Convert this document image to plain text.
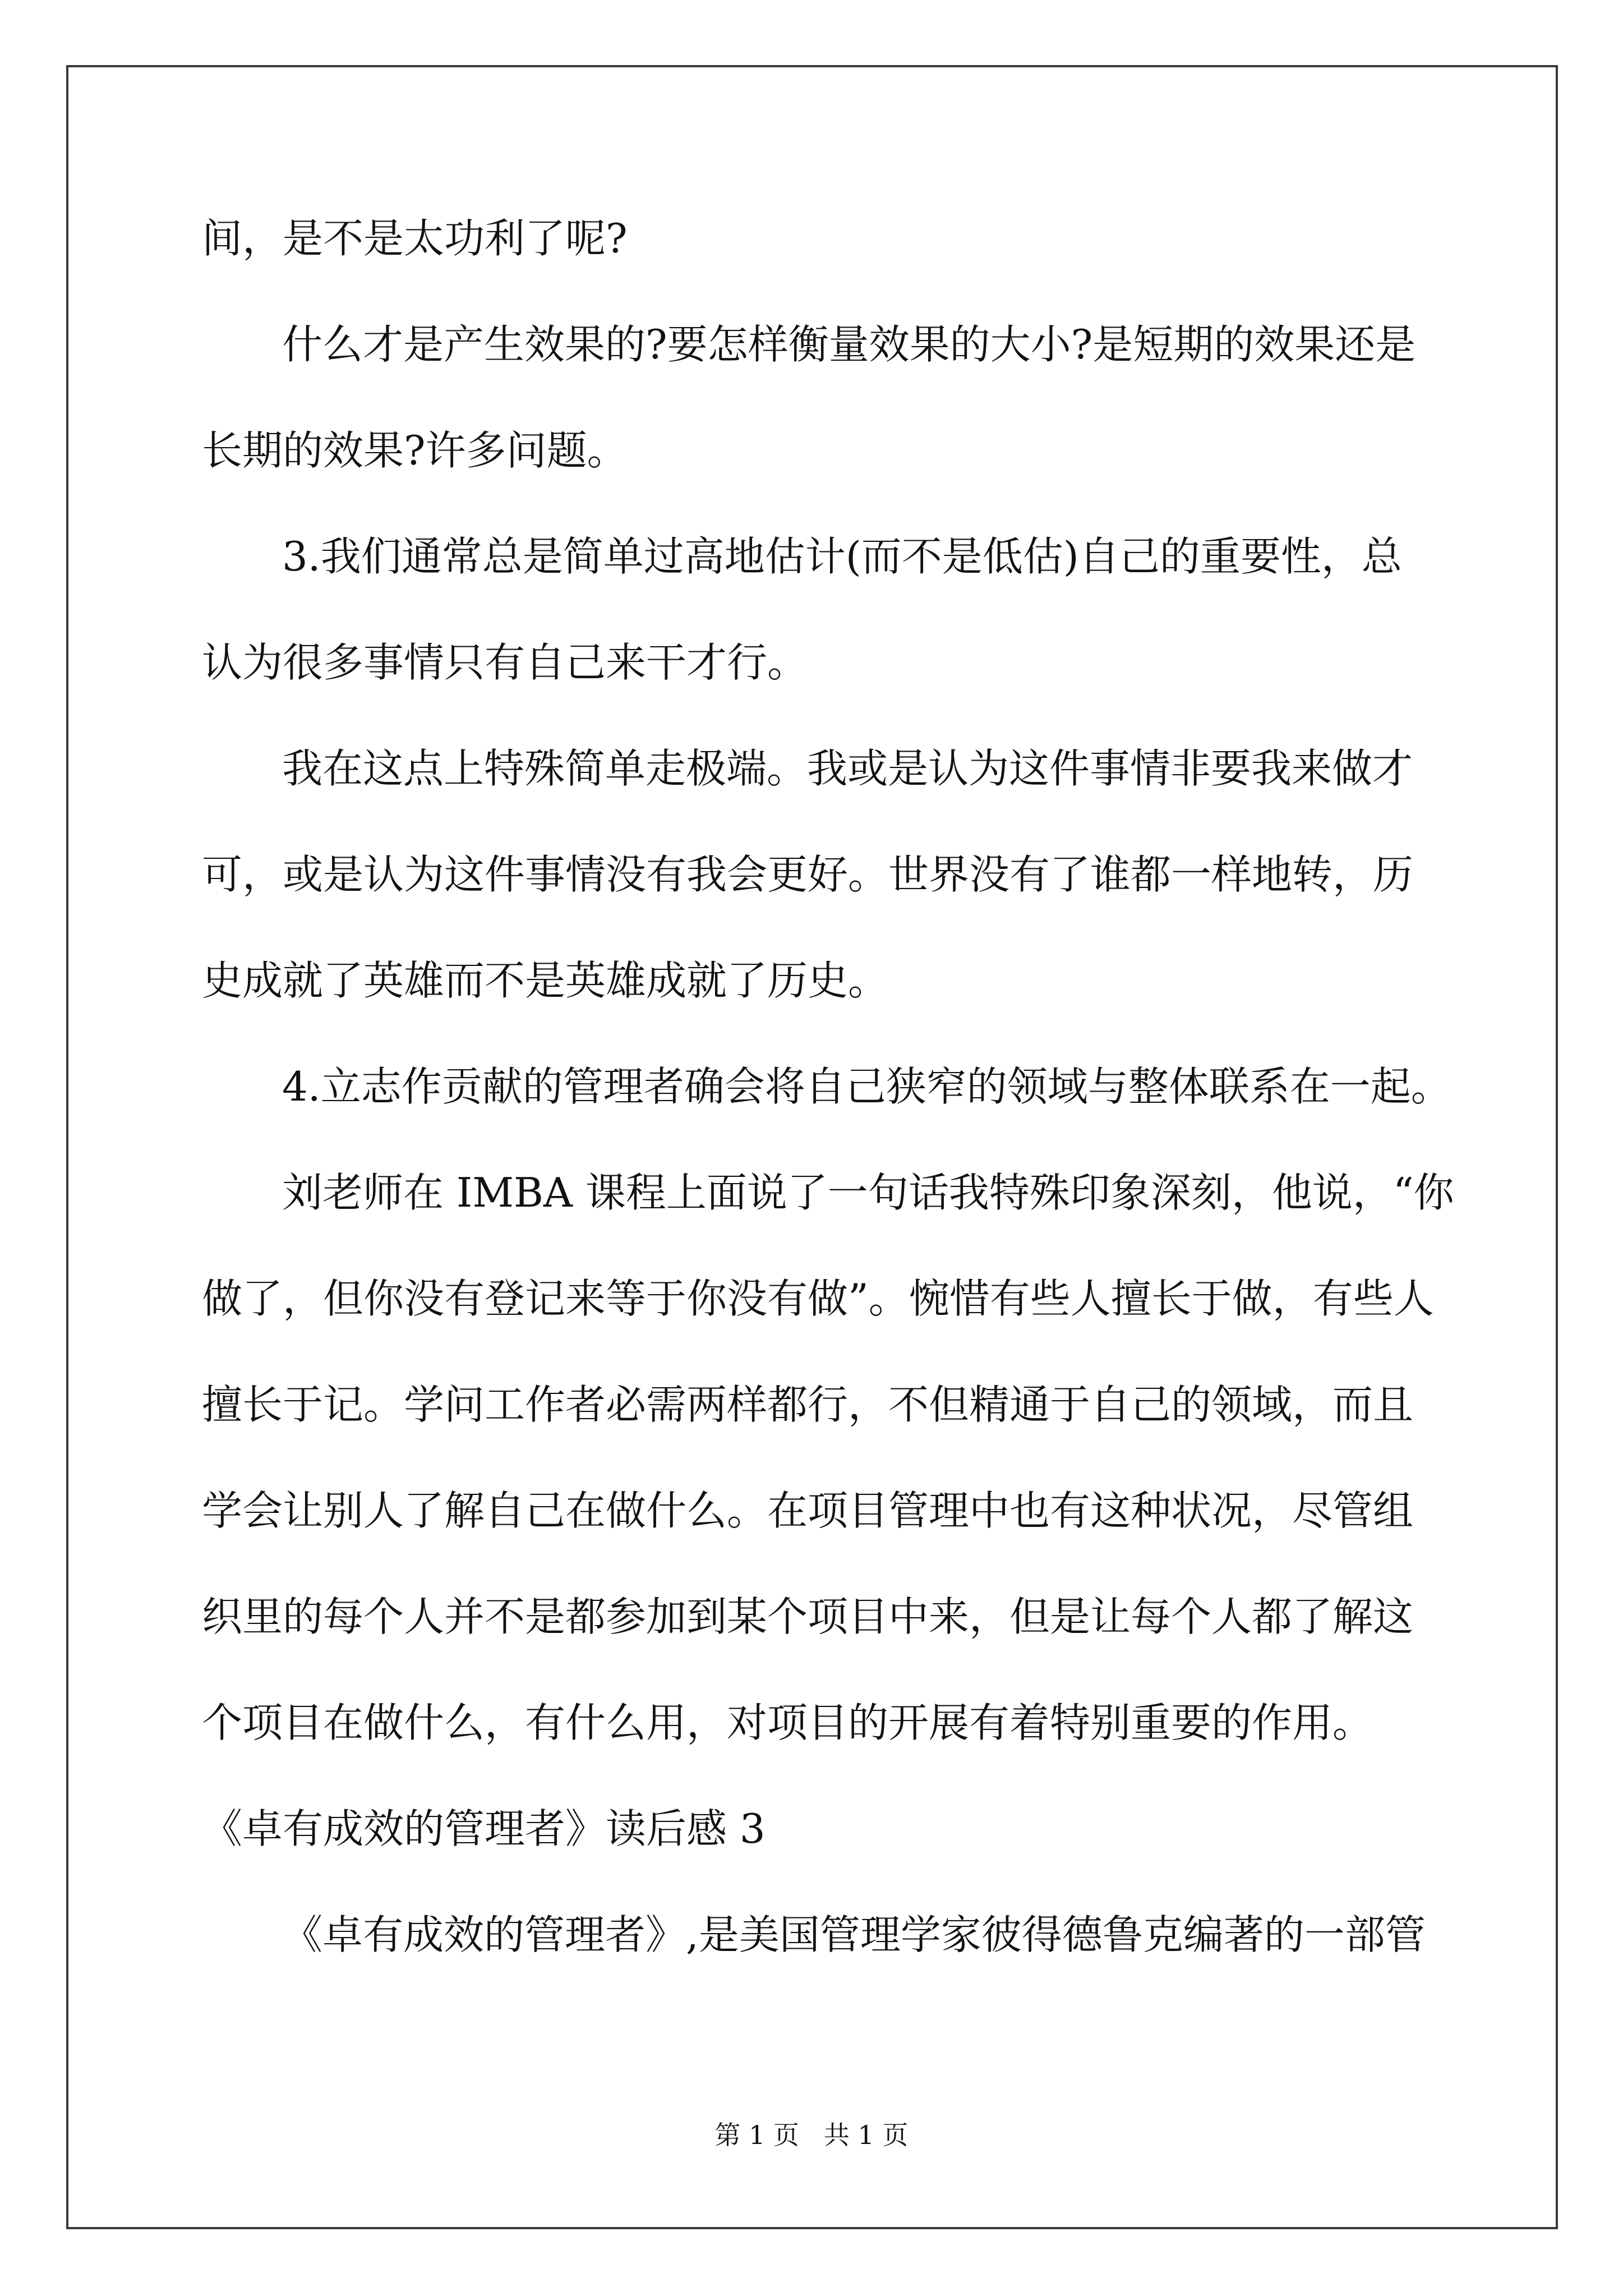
间，是不是太功利了呢?
什么才是产生效果的?要怎样衡量效果的大小?是短期的效果还是
长期的效果?许多问题。
3.我们通常总是简单过高地估计(而不是低估)自己的重要性，总
认为很多事情只有自己来干才行。
我在这点上特殊简单走极端。我或是认为这件事情非要我来做才
可，或是认为这件事情没有我会更好。世界没有了谁都一样地转，历
史成就了英雄而不是英雄成就了历史。
4.立志作贡献的管理者确会将自己狭窄的领域与整体联系在一起。
刘老师在 IMBA 课程上面说了一句话我特殊印象深刻，他说，“你
做了，但你没有登记来等于你没有做”。惋惜有些人擅长于做，有些人
擅长于记。学问工作者必需两样都行，不但精通于自己的领域，而且
学会让别人了解自己在做什么。在项目管理中也有这种状况，尽管组
织里的每个人并不是都参加到某个项目中来，但是让每个人都了解这
个项目在做什么，有什么用，对项目的开展有着特别重要的作用。
《卓有成效的管理者》读后感 3
《卓有成效的管理者》,是美国管理学家彼得德鲁克编著的一部管
第 1 页   共 1 页
